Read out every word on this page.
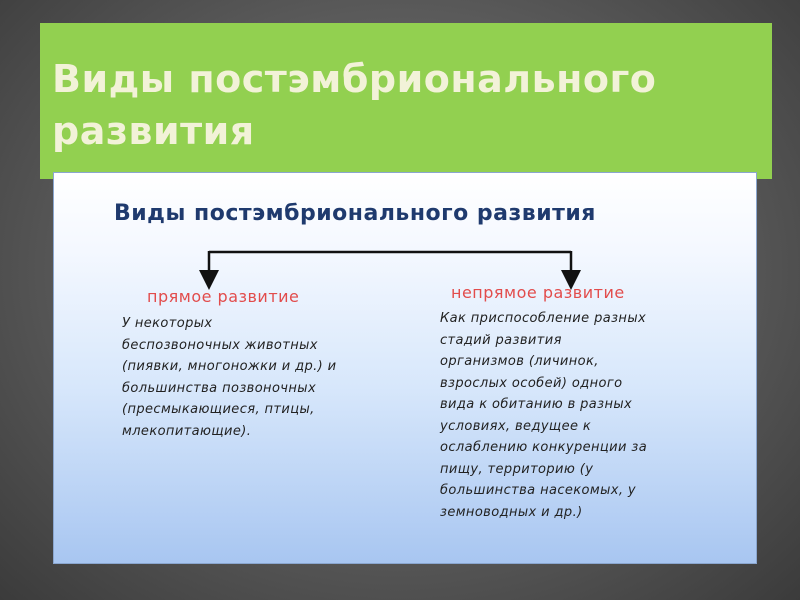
Виды постэмбрионального развития
Виды постэмбрионального развития
прямое развитие	непрямое развитие

У некоторых
беспозвоночных животных
(пиявки, многоножки и др.) и
большинства позвоночных
(пресмыкающиеся, птицы,
млекопитающие).

Как приспособление разных
стадий развития
организмов (личинок,
взрослых особей) одного
вида к обитанию в разных
условиях, ведущее к
ослаблению конкуренции за
пищу, территорию (у
большинства насекомых, у
земноводных и др.)
